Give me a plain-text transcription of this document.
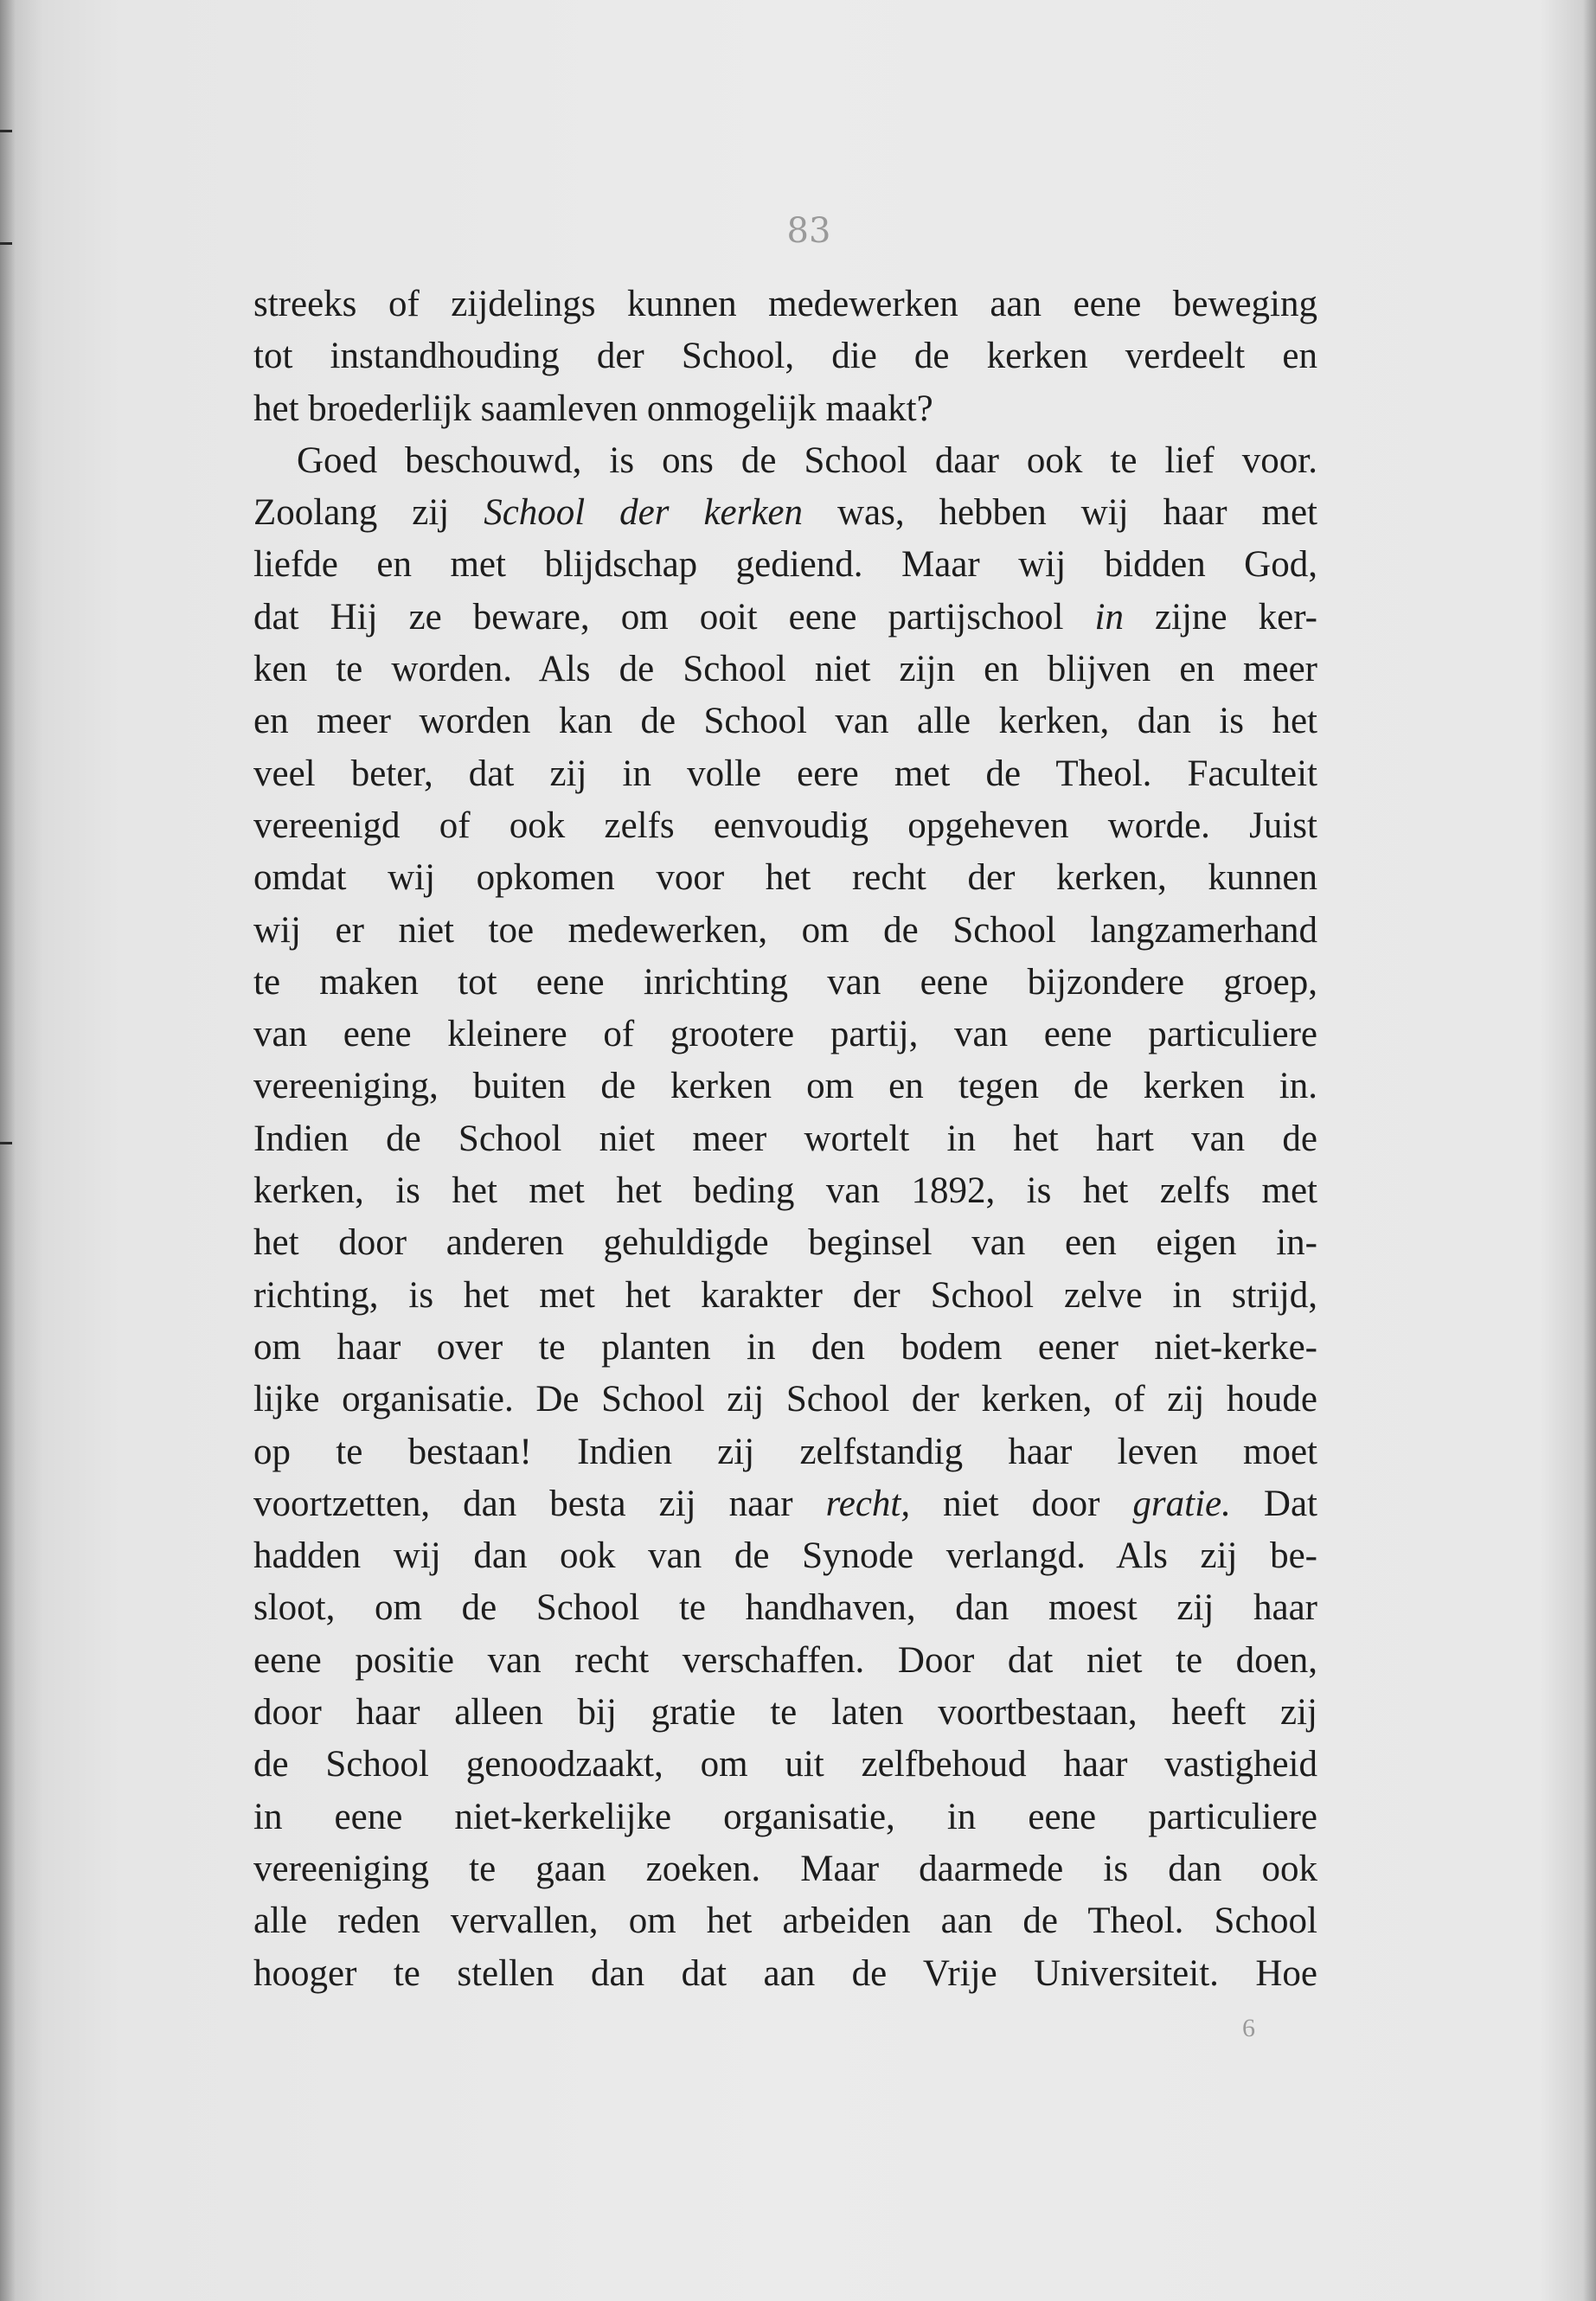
83
streeks of zijdelings kunnen medewerken aan eene beweging
tot instandhouding der School, die de kerken verdeelt en
het broederlijk saamleven onmogelijk maakt?
Goed beschouwd, is ons de School daar ook te lief voor.
Zoolang zij School der kerken was, hebben wij haar met
liefde en met blijdschap gediend. Maar wij bidden God,
dat Hij ze beware, om ooit eene partijschool in zijne ker-
ken te worden. Als de School niet zijn en blijven en meer
en meer worden kan de School van alle kerken, dan is het
veel beter, dat zij in volle eere met de Theol. Faculteit
vereenigd of ook zelfs eenvoudig opgeheven worde. Juist
omdat wij opkomen voor het recht der kerken, kunnen
wij er niet toe medewerken, om de School langzamerhand
te maken tot eene inrichting van eene bijzondere groep,
van eene kleinere of grootere partij, van eene particuliere
vereeniging, buiten de kerken om en tegen de kerken in.
Indien de School niet meer wortelt in het hart van de
kerken, is het met het beding van 1892, is het zelfs met
het door anderen gehuldigde beginsel van een eigen in-
richting, is het met het karakter der School zelve in strijd,
om haar over te planten in den bodem eener niet-kerke-
lijke organisatie. De School zij School der kerken, of zij houde
op te bestaan! Indien zij zelfstandig haar leven moet
voortzetten, dan besta zij naar recht, niet door gratie. Dat
hadden wij dan ook van de Synode verlangd. Als zij be-
sloot, om de School te handhaven, dan moest zij haar
eene positie van recht verschaffen. Door dat niet te doen,
door haar alleen bij gratie te laten voortbestaan, heeft zij
de School genoodzaakt, om uit zelfbehoud haar vastigheid
in eene niet-kerkelijke organisatie, in eene particuliere
vereeniging te gaan zoeken. Maar daarmede is dan ook
alle reden vervallen, om het arbeiden aan de Theol. School
hooger te stellen dan dat aan de Vrije Universiteit. Hoe
6
